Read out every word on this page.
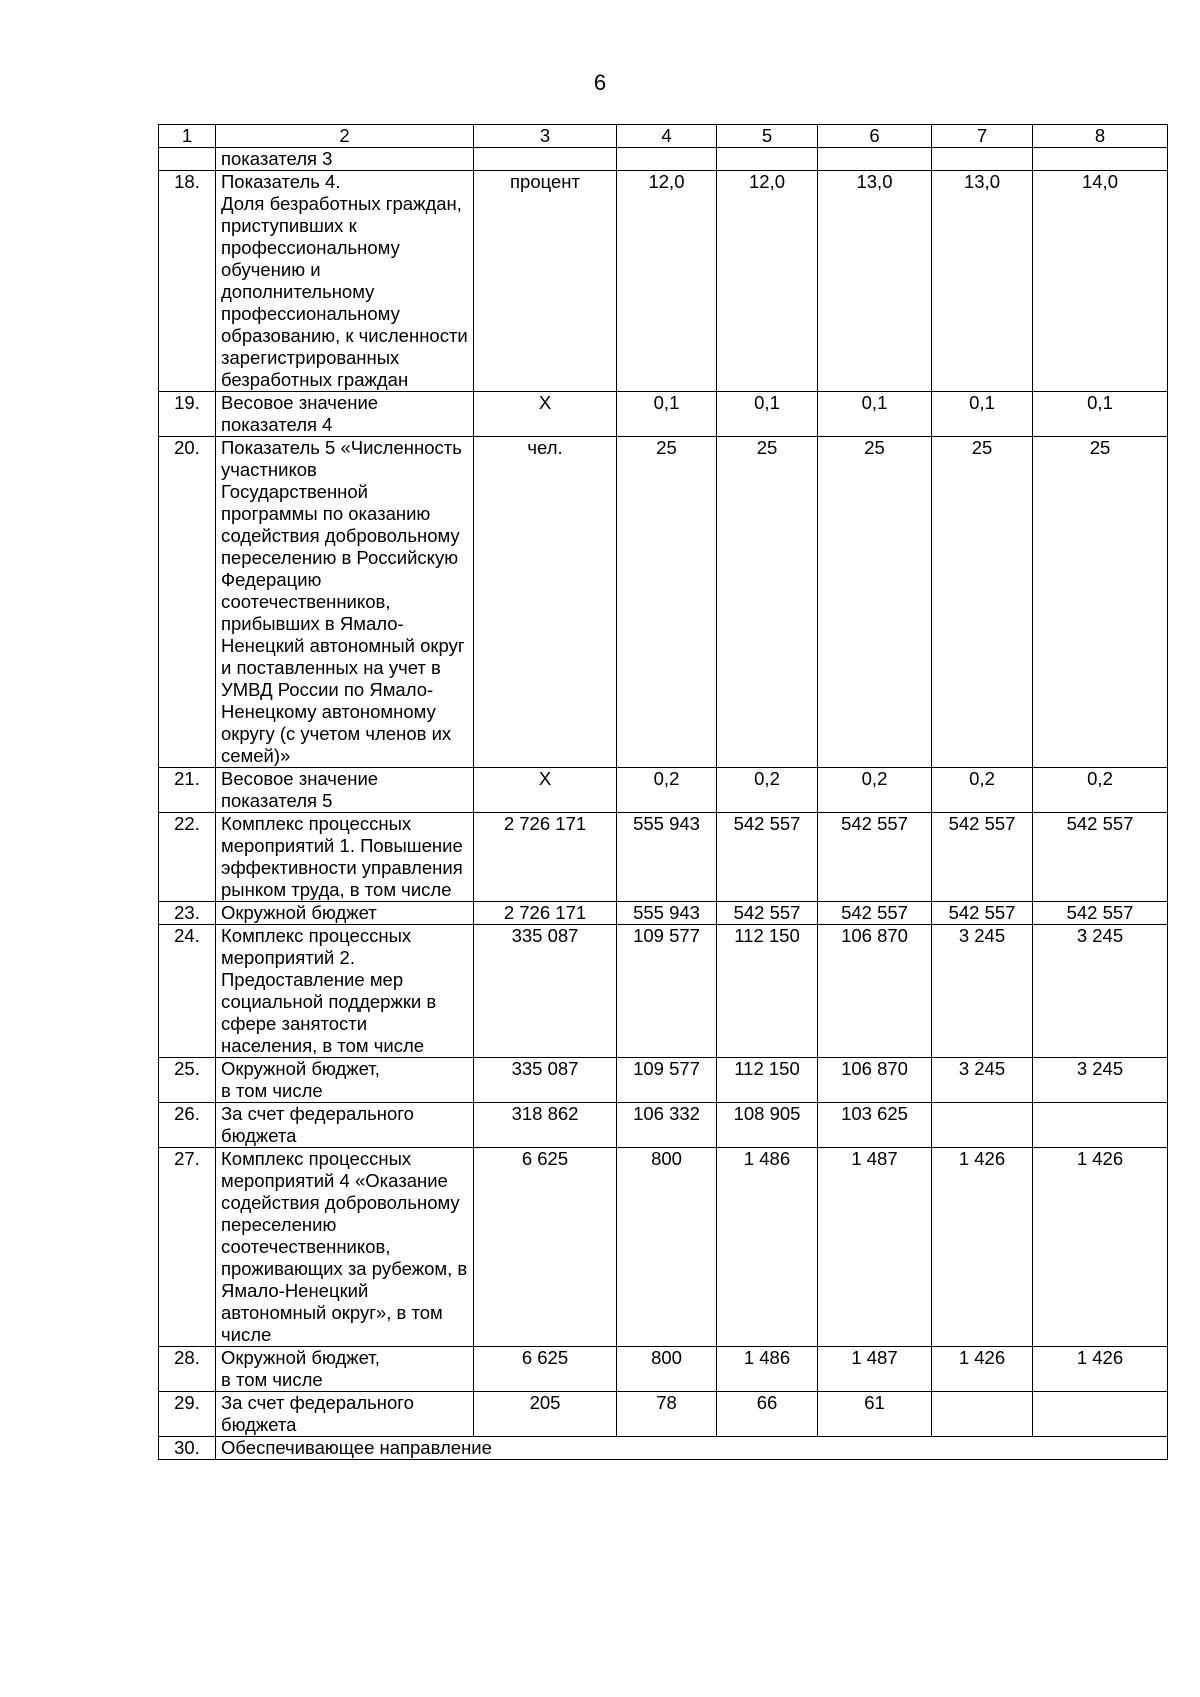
6
1	2	3	4	5	6	7	8
	показателя 3						
18.	Показатель 4.
Доля безработных граждан, приступивших к профессиональному обучению и дополнительному профессиональному образованию, к численности зарегистрированных безработных граждан	процент	12,0	12,0	13,0	13,0	14,0
19.	Весовое значение показателя 4	X	0,1	0,1	0,1	0,1	0,1
20.	Показатель 5 «Численность участников Государственной программы по оказанию содействия добровольному переселению в Российскую Федерацию соотечественников, прибывших в Ямало-Ненецкий автономный округ и поставленных на учет в УМВД России по Ямало-Ненецкому автономному округу (с учетом членов их семей)»	чел.	25	25	25	25	25
21.	Весовое значение показателя 5	X	0,2	0,2	0,2	0,2	0,2
22.	Комплекс процессных мероприятий 1. Повышение эффективности управления рынком труда, в том числе	2 726 171	555 943	542 557	542 557	542 557	542 557
23.	Окружной бюджет	2 726 171	555 943	542 557	542 557	542 557	542 557
24.	Комплекс процессных мероприятий 2. Предоставление мер социальной поддержки в сфере занятости населения, в том числе	335 087	109 577	112 150	106 870	3 245	3 245
25.	Окружной бюджет,
в том числе	335 087	109 577	112 150	106 870	3 245	3 245
26.	За счет федерального бюджета	318 862	106 332	108 905	103 625		
27.	Комплекс процессных мероприятий 4 «Оказание содействия добровольному переселению соотечественников, проживающих за рубежом, в Ямало-Ненецкий автономный округ», в том числе	6 625	800	1 486	1 487	1 426	1 426
28.	Окружной бюджет,
в том числе	6 625	800	1 486	1 487	1 426	1 426
29.	За счет федерального бюджета	205	78	66	61		
30.	Обеспечивающее направление						
